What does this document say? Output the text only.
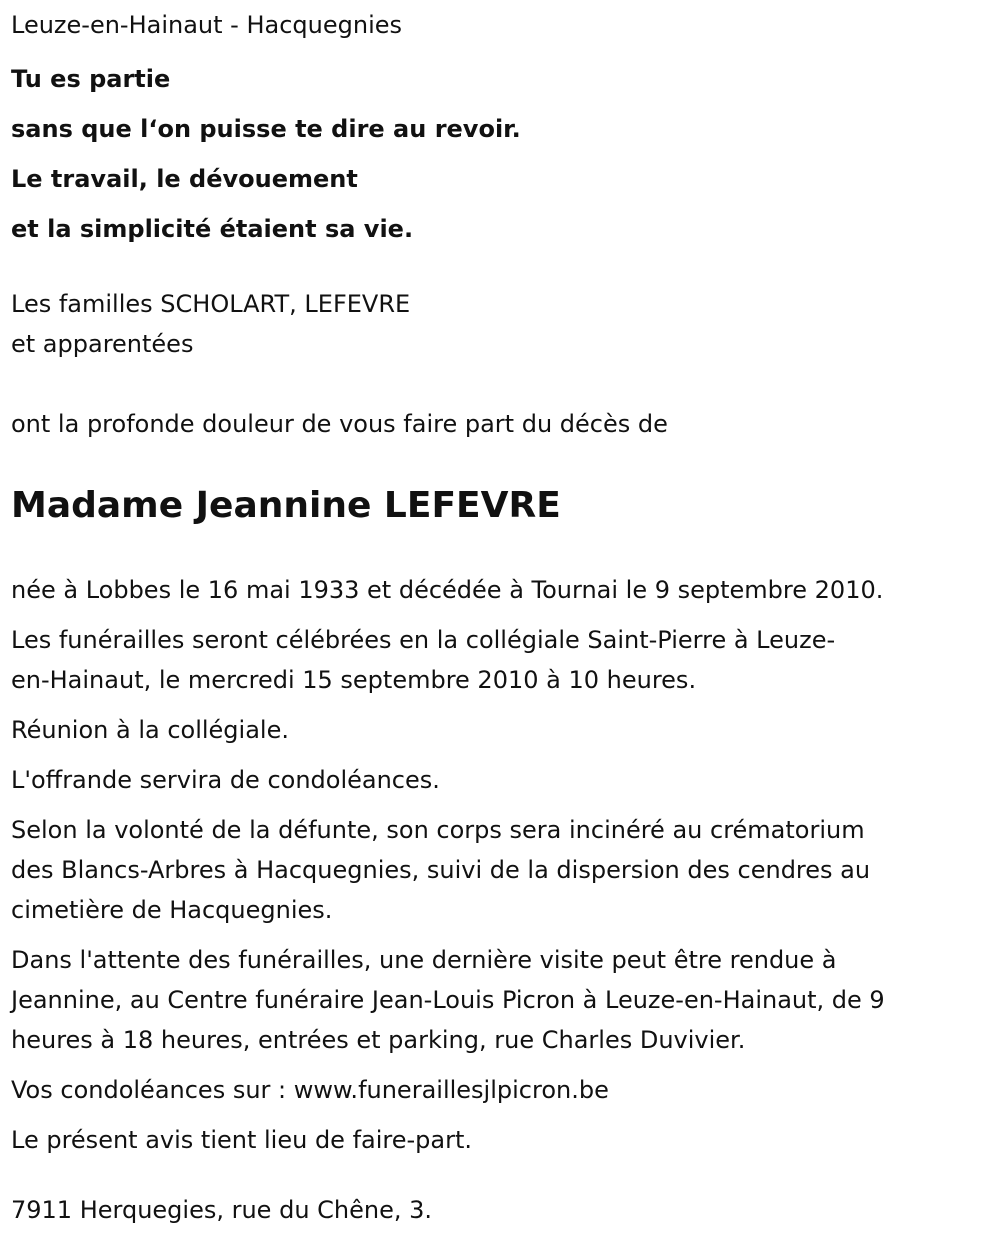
Leuze-en-Hainaut - Hacquegnies
Tu es partie
sans que l‘on puisse te dire au revoir.
Le travail, le dévouement
et la simplicité étaient sa vie.
Les familles SCHOLART, LEFEVRE
et apparentées
ont la profonde douleur de vous faire part du décès de
Madame Jeannine LEFEVRE
née à Lobbes le 16 mai 1933 et décédée à Tournai le 9 septembre 2010.
Les funérailles seront célébrées en la collégiale Saint-Pierre à Leuze-
en-Hainaut, le mercredi 15 septembre 2010 à 10 heures.
Réunion à la collégiale.
L'offrande servira de condoléances.
Selon la volonté de la défunte, son corps sera incinéré au crématorium
des Blancs-Arbres à Hacquegnies, suivi de la dispersion des cendres au
cimetière de Hacquegnies.
Dans l'attente des funérailles, une dernière visite peut être rendue à
Jeannine, au Centre funéraire Jean-Louis Picron à Leuze-en-Hainaut, de 9
heures à 18 heures, entrées et parking, rue Charles Duvivier.
Vos condoléances sur : www.funeraillesjlpicron.be
Le présent avis tient lieu de faire-part.
7911 Herquegies, rue du Chêne, 3.
